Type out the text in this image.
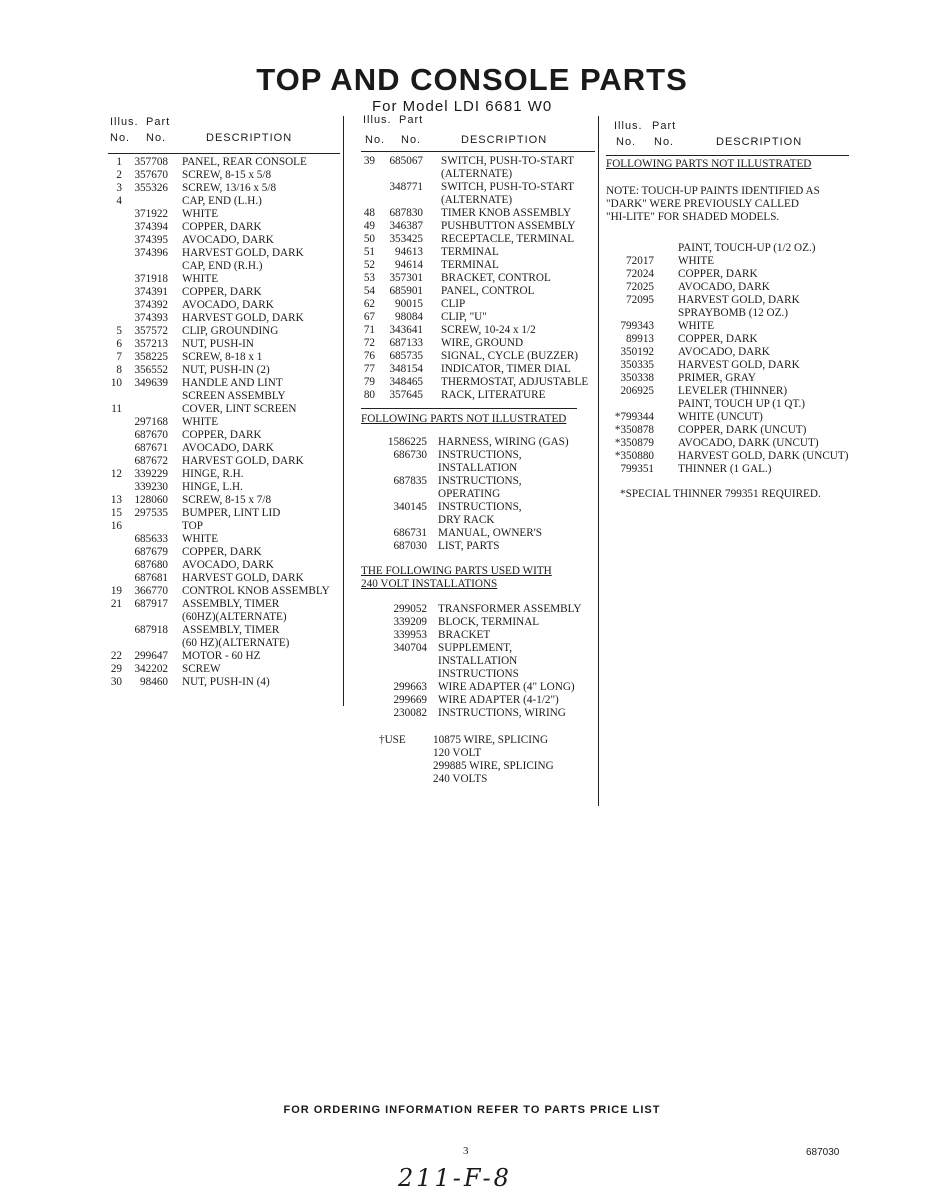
TOP AND CONSOLE PARTS
For Model LDI 6681 W0
Illus. Part
No. No.	DESCRIPTION
1	357708 PANEL, REAR CONSOLE
2	357670 SCREW, 8-15 x 5/8
3	355326 SCREW, 13/16 x 5/8
4	CAP, END (L.H.)
371922 WHITE
374394 COPPER, DARK
374395 AVOCADO, DARK
374396 HARVEST GOLD, DARK
CAP, END (R.H.)
371918 WHITE
374391 COPPER, DARK
374392 AVOCADO, DARK
374393 HARVEST GOLD, DARK
5	357572 CLIP, GROUNDING
6	357213 NUT, PUSH-IN
7	358225 SCREW, 8-18 x 1
8	356552 NUT, PUSH-IN (2)
10	349639 HANDLE AND LINT
SCREEN ASSEMBLY
11	COVER, LINT SCREEN
297168 WHITE
687670 COPPER, DARK
687671 AVOCADO, DARK
687672 HARVEST GOLD, DARK
12	339229 HINGE, R.H.
339230 HINGE, L.H.
13	128060 SCREW, 8-15 x 7/8
15	297535 BUMPER, LINT LID
16	TOP
685633 WHITE
687679 COPPER, DARK
687680 AVOCADO, DARK
687681 HARVEST GOLD, DARK
19	366770 CONTROL KNOB ASSEMBLY
21	687917 ASSEMBLY, TIMER
(60HZ)(ALTERNATE)
687918 ASSEMBLY, TIMER
(60 HZ)(ALTERNATE)
22	299647 MOTOR - 60 HZ
29	342202 SCREW
30	98460 NUT, PUSH-IN (4)
Illus. Part
No. No.	DESCRIPTION
39	685067 SWITCH, PUSH-TO-START
(ALTERNATE)
348771 SWITCH, PUSH-TO-START
(ALTERNATE)
48	687830 TIMER KNOB ASSEMBLY
49	346387 PUSHBUTTON ASSEMBLY
50	353425 RECEPTACLE, TERMINAL
51	94613 TERMINAL
52	94614 TERMINAL
53	357301 BRACKET, CONTROL
54	685901 PANEL, CONTROL
62	90015 CLIP
67	98084 CLIP, "U"
71	343641 SCREW, 10-24 x 1/2
72	687133 WIRE, GROUND
76	685735 SIGNAL, CYCLE (BUZZER)
77	348154 INDICATOR, TIMER DIAL
79	348465 THERMOSTAT, ADJUSTABLE
80	357645 RACK, LITERATURE
FOLLOWING PARTS NOT ILLUSTRATED
1586225 HARNESS, WIRING (GAS)
686730 INSTRUCTIONS,
INSTALLATION
687835 INSTRUCTIONS,
OPERATING
340145 INSTRUCTIONS,
DRY RACK
686731 MANUAL, OWNER'S
687030 LIST, PARTS
THE FOLLOWING PARTS USED WITH
240 VOLT INSTALLATIONS
299052 TRANSFORMER ASSEMBLY
339209 BLOCK, TERMINAL
339953 BRACKET
340704 SUPPLEMENT,
INSTALLATION
INSTRUCTIONS
299663 WIRE ADAPTER (4" LONG)
299669 WIRE ADAPTER (4-1/2")
230082 INSTRUCTIONS, WIRING
†USE 10875 WIRE, SPLICING
120 VOLT
299885 WIRE, SPLICING
240 VOLTS
Illus. Part
No. No.	DESCRIPTION
FOLLOWING PARTS NOT ILLUSTRATED
NOTE: TOUCH-UP PAINTS IDENTIFIED AS
"DARK" WERE PREVIOUSLY CALLED
"HI-LITE" FOR SHADED MODELS.
PAINT, TOUCH-UP (1/2 OZ.)
72017 WHITE
72024 COPPER, DARK
72025 AVOCADO, DARK
72095 HARVEST GOLD, DARK
SPRAYBOMB (12 OZ.)
799343 WHITE
89913 COPPER, DARK
350192 AVOCADO, DARK
350335 HARVEST GOLD, DARK
350338 PRIMER, GRAY
206925 LEVELER (THINNER)
PAINT, TOUCH UP (1 QT.)
*799344 WHITE (UNCUT)
*350878 COPPER, DARK (UNCUT)
*350879 AVOCADO, DARK (UNCUT)
*350880 HARVEST GOLD, DARK (UNCUT)
799351 THINNER (1 GAL.)
*SPECIAL THINNER 799351 REQUIRED.
FOR ORDERING INFORMATION REFER TO PARTS PRICE LIST
3	687030
211-F-8
